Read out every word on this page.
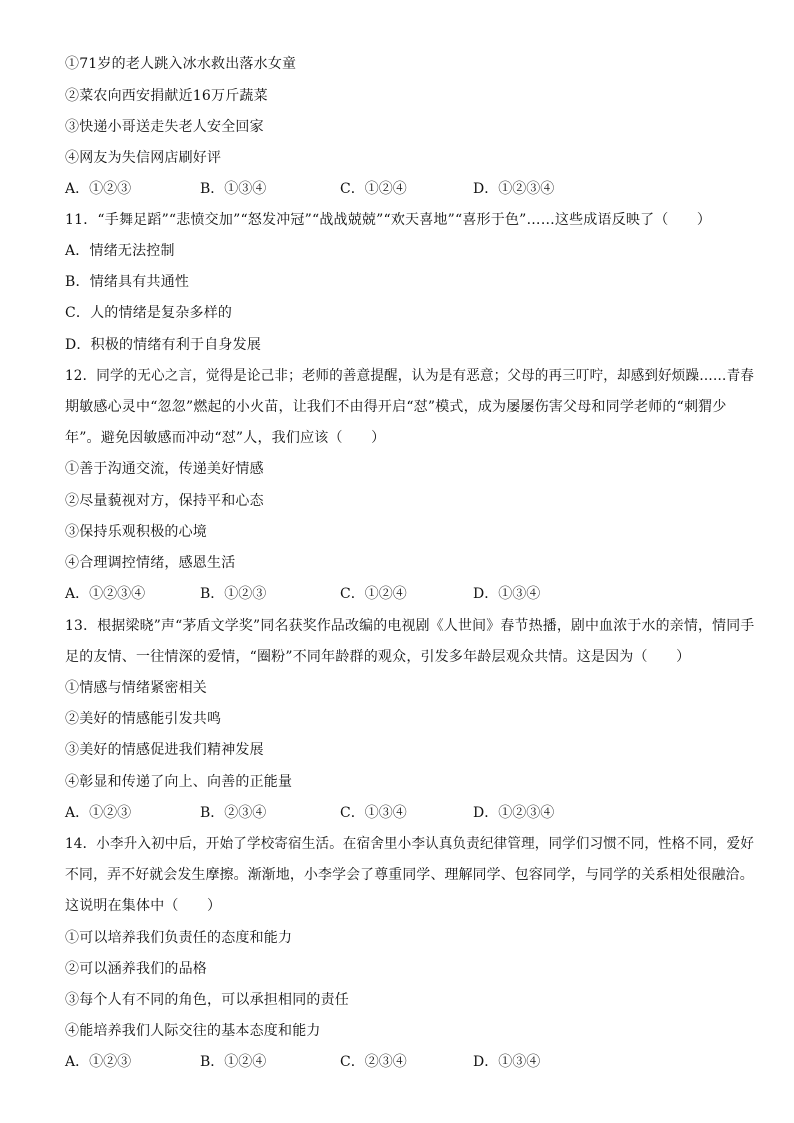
①71岁的老人跳入冰水救出落水女童
②菜农向西安捐献近16万斤蔬菜
③快递小哥送走失老人安全回家
④网友为失信网店刷好评
A．①②③	B．①③④	C．①②④	D．①②③④
11．“手舞足蹈”“悲愤交加”“怒发冲冠”“战战兢兢”“欢天喜地”“喜形于色”……这些成语反映了（　　）
A．情绪无法控制
B．情绪具有共通性
C．人的情绪是复杂多样的
D．积极的情绪有利于自身发展
12．同学的无心之言，觉得是论己非；老师的善意提醒，认为是有恶意；父母的再三叮咛，却感到好烦躁……青春
期敏感心灵中“忽忽”燃起的小火苗，让我们不由得开启“怼”模式，成为屡屡伤害父母和同学老师的“刺猬少
年”。避免因敏感而冲动“怼”人，我们应该（　　）
①善于沟通交流，传递美好情感
②尽量藐视对方，保持平和心态
③保持乐观积极的心境
④合理调控情绪，感恩生活
A．①②③④	B．①②③	C．①②④	D．①③④
13．根据梁晓”声“茅盾文学奖”同名获奖作品改编的电视剧《人世间》春节热播，剧中血浓于水的亲情，情同手
足的友情、一往情深的爱情，“圈粉”不同年龄群的观众，引发多年龄层观众共情。这是因为（　　）
①情感与情绪紧密相关
②美好的情感能引发共鸣
③美好的情感促进我们精神发展
④彰显和传递了向上、向善的正能量
A．①②③	B．②③④	C．①③④	D．①②③④
14．小李升入初中后，开始了学校寄宿生活。在宿舍里小李认真负责纪律管理，同学们习惯不同，性格不同，爱好
不同，弄不好就会发生摩擦。渐渐地，小李学会了尊重同学、理解同学、包容同学，与同学的关系相处很融洽。
这说明在集体中（　　）
①可以培养我们负责任的态度和能力
②可以涵养我们的品格
③每个人有不同的角色，可以承担相同的责任
④能培养我们人际交往的基本态度和能力
A．①②③	B．①②④	C．②③④	D．①③④
